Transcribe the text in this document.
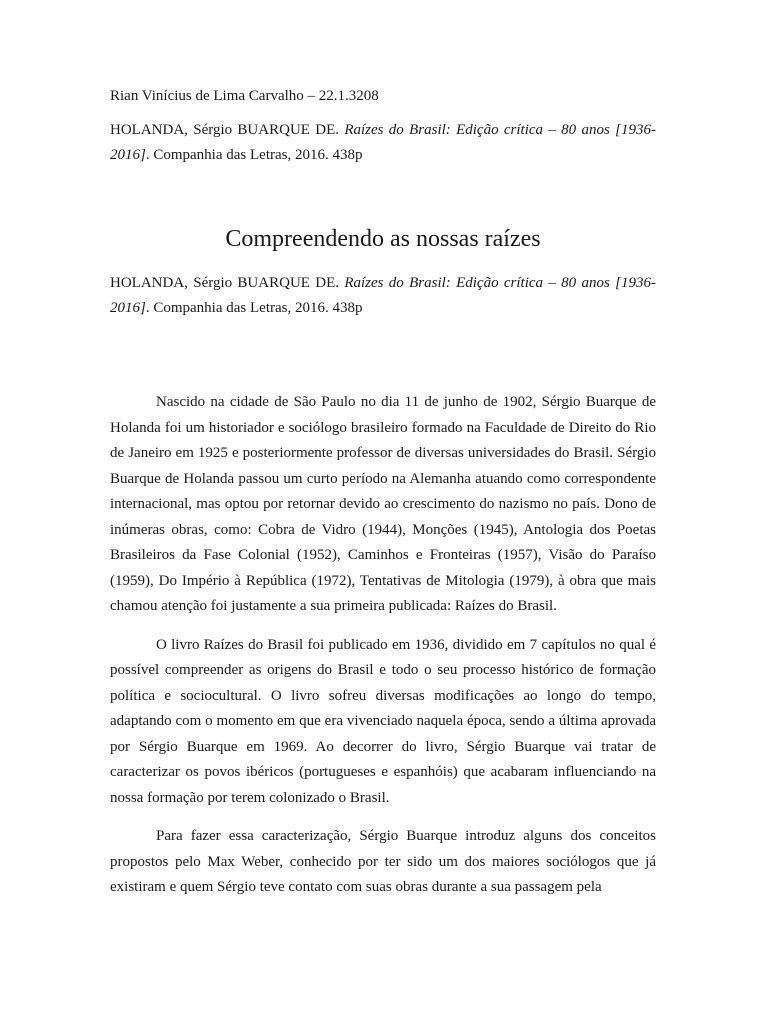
Rian Vinícius de Lima Carvalho – 22.1.3208
HOLANDA, Sérgio BUARQUE DE. Raízes do Brasil: Edição crítica – 80 anos [1936-2016]. Companhia das Letras, 2016. 438p
Compreendendo as nossas raízes
HOLANDA, Sérgio BUARQUE DE. Raízes do Brasil: Edição crítica – 80 anos [1936-2016]. Companhia das Letras, 2016. 438p

Nascido na cidade de São Paulo no dia 11 de junho de 1902, Sérgio Buarque de Holanda foi um historiador e sociólogo brasileiro formado na Faculdade de Direito do Rio de Janeiro em 1925 e posteriormente professor de diversas universidades do Brasil. Sérgio Buarque de Holanda passou um curto período na Alemanha atuando como correspondente internacional, mas optou por retornar devido ao crescimento do nazismo no país. Dono de inúmeras obras, como: Cobra de Vidro (1944), Monções (1945), Antologia dos Poetas Brasileiros da Fase Colonial (1952), Caminhos e Fronteiras (1957), Visão do Paraíso (1959), Do Império à República (1972), Tentativas de Mitologia (1979), à obra que mais chamou atenção foi justamente a sua primeira publicada: Raízes do Brasil.

O livro Raízes do Brasil foi publicado em 1936, dividido em 7 capítulos no qual é possível compreender as origens do Brasil e todo o seu processo histórico de formação política e sociocultural. O livro sofreu diversas modificações ao longo do tempo, adaptando com o momento em que era vivenciado naquela época, sendo a última aprovada por Sérgio Buarque em 1969. Ao decorrer do livro, Sérgio Buarque vai tratar de caracterizar os povos ibéricos (portugueses e espanhóis) que acabaram influenciando na nossa formação por terem colonizado o Brasil.

Para fazer essa caracterização, Sérgio Buarque introduz alguns dos conceitos propostos pelo Max Weber, conhecido por ter sido um dos maiores sociólogos que já existiram e quem Sérgio teve contato com suas obras durante a sua passagem pela
